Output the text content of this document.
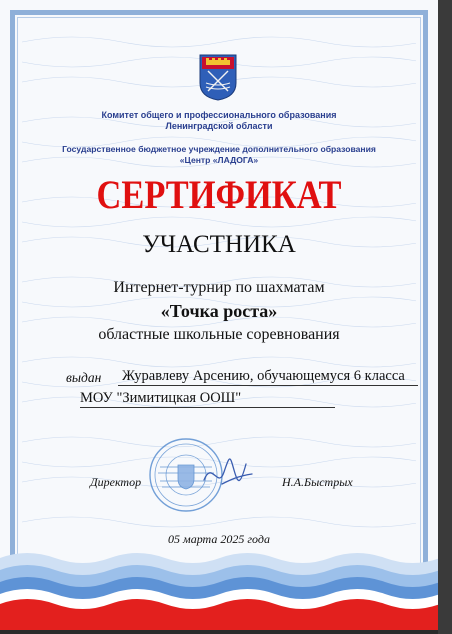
Комитет общего и профессионального образования
Ленинградской области
Государственное бюджетное учреждение дополнительного образования
«Центр «ЛАДОГА»
СЕРТИФИКАТ
УЧАСТНИКА
Интернет-турнир по шахматам
«Точка роста»
областные школьные соревнования
выдан Журавлеву Арсению, обучающемуся 6 класса
МОУ "Зимитицкая ООШ"
Директор	Н.А.Быстрых
05 марта 2025 года
